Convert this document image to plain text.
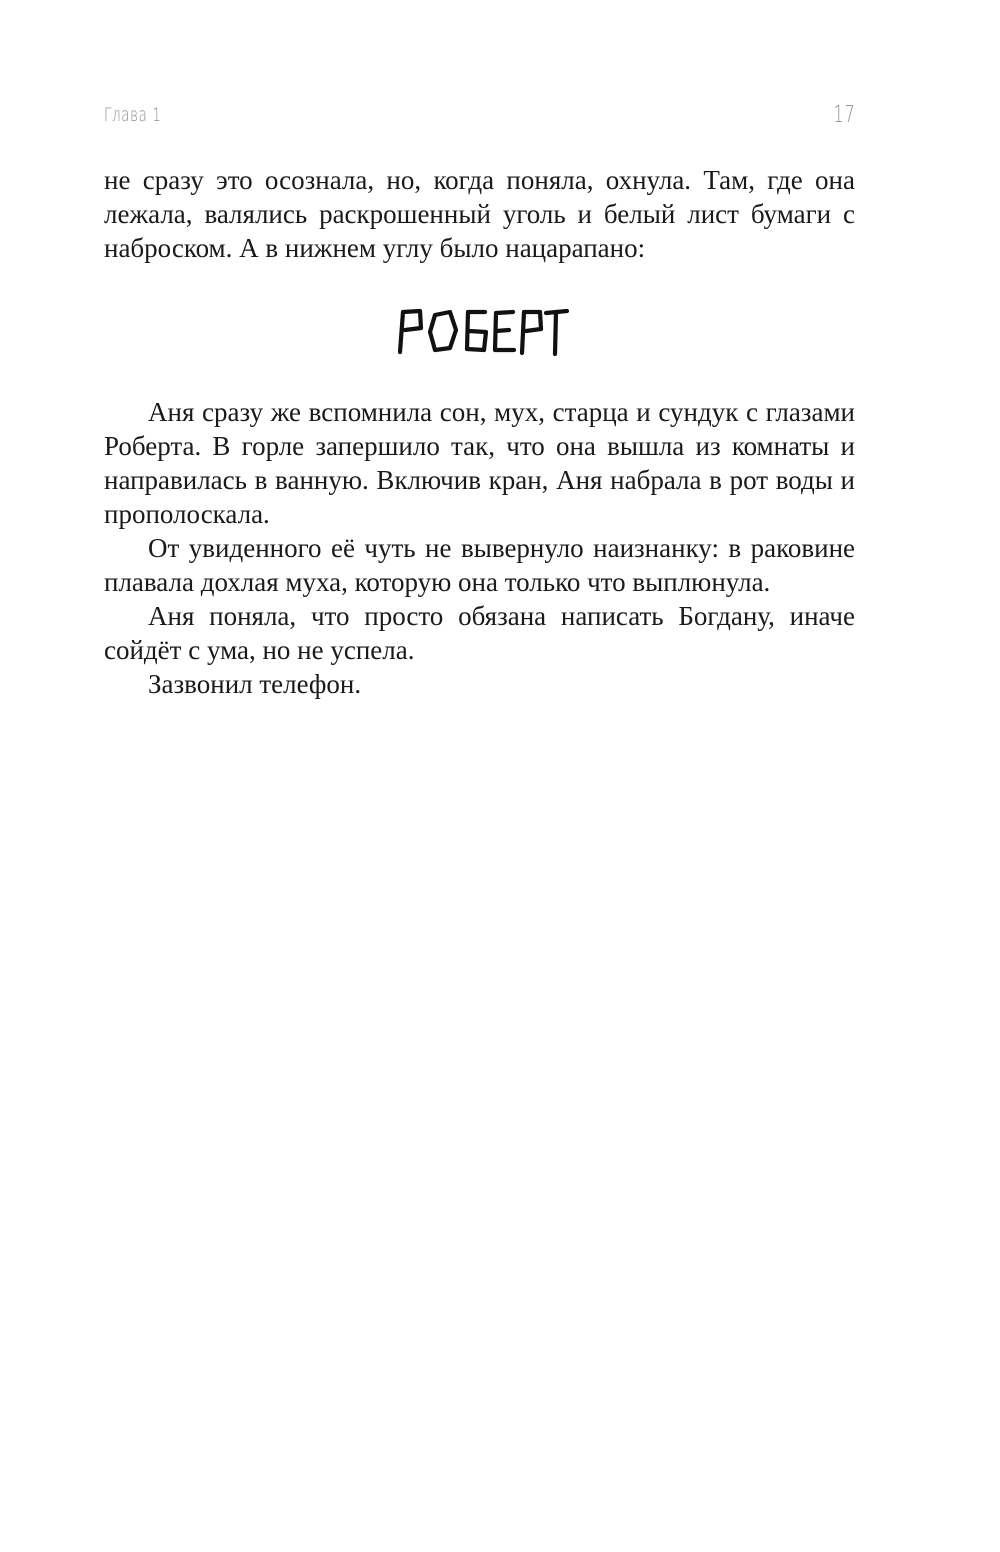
Глава 1	17

не сразу это осознала, но, когда поняла, охнула. Там, где она лежала, валялись раскрошенный уголь и белый лист бумаги с наброском. А в нижнем углу было нацарапано:

Аня сразу же вспомнила сон, мух, старца и сундук с глазами Роберта. В горле запершило так, что она вышла из комнаты и направилась в ванную. Включив кран, Аня набрала в рот воды и прополоскала.

От увиденного её чуть не вывернуло наизнанку: в раковине плавала дохлая муха, которую она только что выплюнула.

Аня поняла, что просто обязана написать Богдану, иначе сойдёт с ума, но не успела.

Зазвонил телефон.
